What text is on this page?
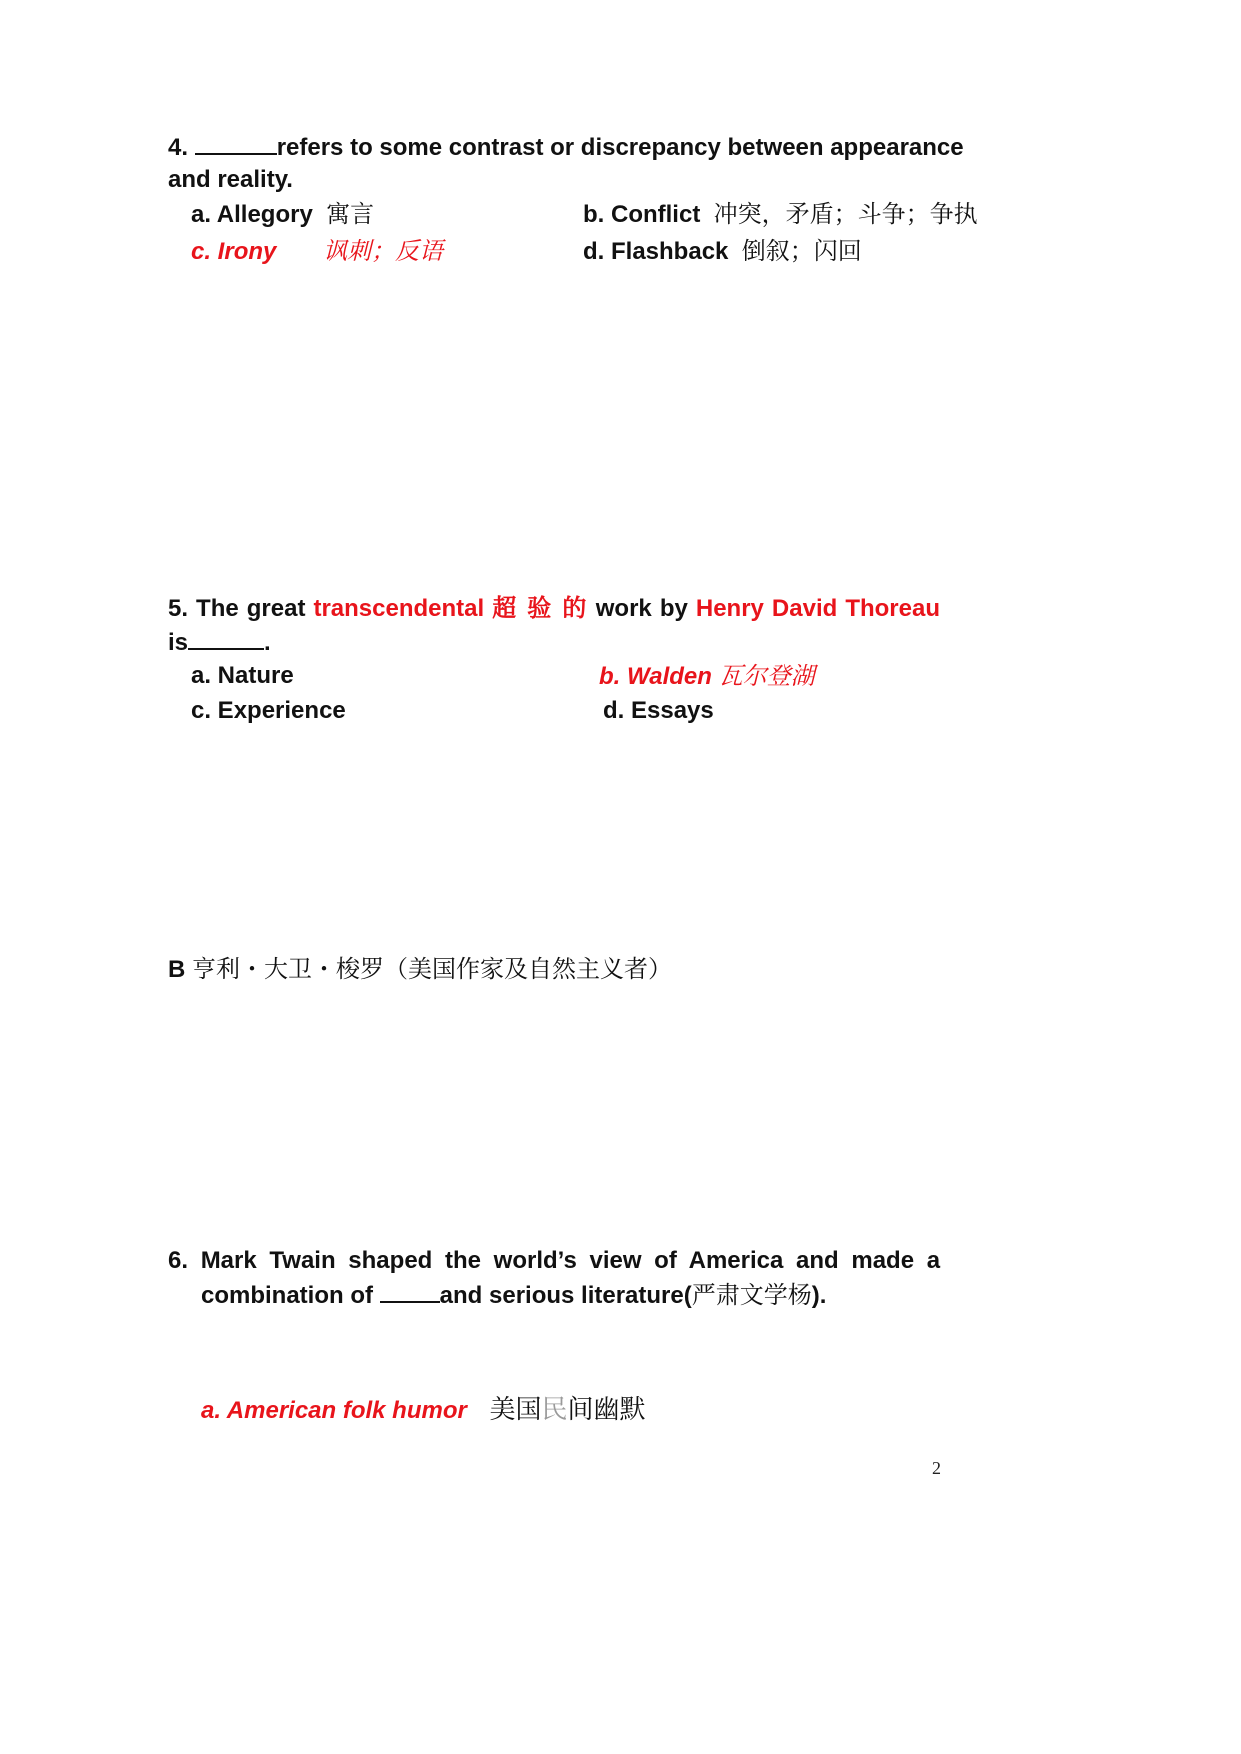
4.	refers to some contrast or discrepancy between appearance
and reality.
a. Allegory 寓言	b. Conflict 冲突，矛盾；斗争；争执
c. Irony 讽刺；反语	d. Flashback 倒叙；闪回
5. The great transcendental 超 验 的 work by Henry David Thoreau
is	.
a. Nature	b. Walden 瓦尔登湖
c. Experience	d. Essays
B 亨利・大卫・梭罗（美国作家及自然主义者）
6. Mark Twain shaped the world’s view of America and made a
combination of	and serious literature(严肃文学杨).
a. American folk humor 美国民间幽默
2
